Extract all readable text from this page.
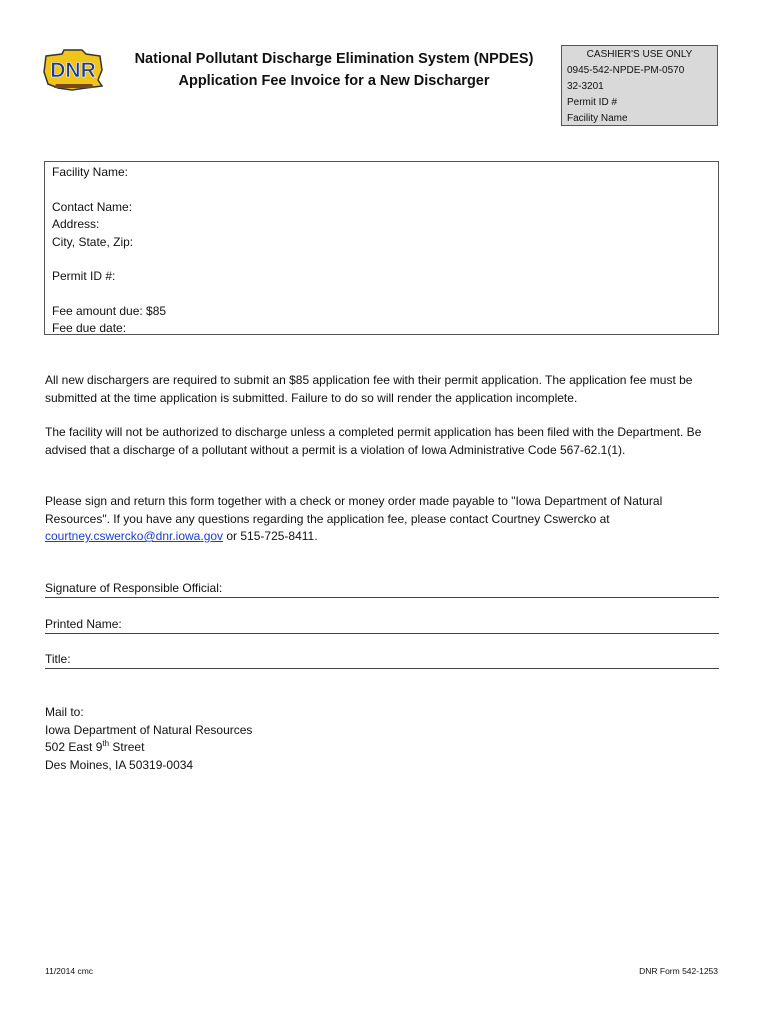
DNR	National Pollutant Discharge Elimination System (NPDES)
Application Fee Invoice for a New Discharger
CASHIER'S USE ONLY
0945-542-NPDE-PM-0570
32-3201
Permit ID #
Facility Name
Facility Name:
Contact Name:
Address:
City, State, Zip:
Permit ID #:
Fee amount due: $85
Fee due date:
All new dischargers are required to submit an $85 application fee with their permit application. The application fee must be submitted at the time application is submitted. Failure to do so will render the application incomplete.
The facility will not be authorized to discharge unless a completed permit application has been filed with the Department. Be advised that a discharge of a pollutant without a permit is a violation of Iowa Administrative Code 567-62.1(1).
Please sign and return this form together with a check or money order made payable to "Iowa Department of Natural Resources". If you have any questions regarding the application fee, please contact Courtney Cswercko at
courtney.cswercko@dnr.iowa.gov or 515-725-8411.
Signature of Responsible Official:
Printed Name:
Title:
Mail to:
Iowa Department of Natural Resources
502 East 9th Street
Des Moines, IA 50319-0034
11/2014 cmc	DNR Form 542-1253
